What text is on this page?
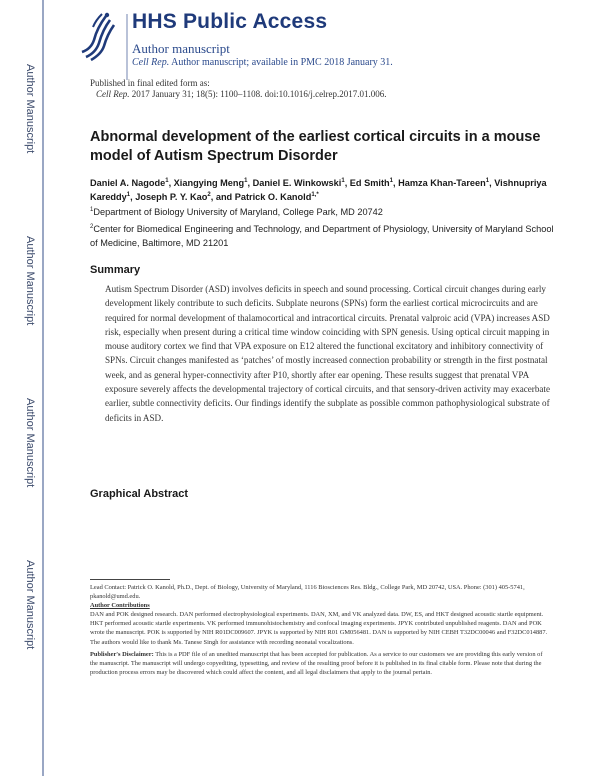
Author Manuscript
Author Manuscript
Author Manuscript
Author Manuscript
HHS Public Access
Author manuscript
Cell Rep. Author manuscript; available in PMC 2018 January 31.
Published in final edited form as:
Cell Rep. 2017 January 31; 18(5): 1100–1108. doi:10.1016/j.celrep.2017.01.006.
Abnormal development of the earliest cortical circuits in a mouse model of Autism Spectrum Disorder
Daniel A. Nagode$^1$, Xiangying Meng$^1$, Daniel E. Winkowski$^1$, Ed Smith$^1$, Hamza Khan-Tareen$^1$, Vishnupriya Kareddy$^1$, Joseph P. Y. Kao$^2$, and Patrick O. Kanold$^{1,*}$
$^1$Department of Biology University of Maryland, College Park, MD 20742
$^2$Center for Biomedical Engineering and Technology, and Department of Physiology, University of Maryland School of Medicine, Baltimore, MD 21201
Summary
Autism Spectrum Disorder (ASD) involves deficits in speech and sound processing. Cortical circuit changes during early development likely contribute to such deficits. Subplate neurons (SPNs) form the earliest cortical microcircuits and are required for normal development of thalamocortical and intracortical circuits. Prenatal valproic acid (VPA) increases ASD risk, especially when present during a critical time window coinciding with SPN genesis. Using optical circuit mapping in mouse auditory cortex we find that VPA exposure on E12 altered the functional excitatory and inhibitory connectivity of SPNs. Circuit changes manifested as ‘patches’ of mostly increased connection probability or strength in the first postnatal week, and as general hyper-connectivity after P10, shortly after ear opening. These results suggest that prenatal VPA exposure severely affects the developmental trajectory of cortical circuits, and that sensory-driven activity may exacerbate earlier, subtle connectivity deficits. Our findings identify the subplate as possible common pathophysiological substrate of deficits in ASD.
Graphical Abstract

Lead Contact: Patrick O. Kanold, Ph.D., Dept. of Biology, University of Maryland, 1116 Biosciences Res. Bldg., College Park, MD 20742, USA. Phone: (301) 405-5741, pkanold@umd.edu.

Author Contributions

DAN and POK designed research. DAN performed electrophysiological experiments. DAN, XM, and VK analyzed data. DW, ES, and HKT designed acoustic startle equipment. HKT performed acoustic startle experiments. VK performed immunohistochemistry and confocal imaging experiments. JPYK contributed unpublished reagents. DAN and POK wrote the manuscript. POK is supported by NIH R01DC009607. JPYK is supported by NIH R01 GM056481. DAN is supported by NIH CEBH T32DC00046 and F32DC014887. The authors would like to thank Ms. Tanese Singh for assistance with recording neonatal vocalizations.

Publisher's Disclaimer: This is a PDF file of an unedited manuscript that has been accepted for publication. As a service to our customers we are providing this early version of the manuscript. The manuscript will undergo copyediting, typesetting, and review of the resulting proof before it is published in its final citable form. Please note that during the production process errors may be discovered which could affect the content, and all legal disclaimers that apply to the journal pertain.
